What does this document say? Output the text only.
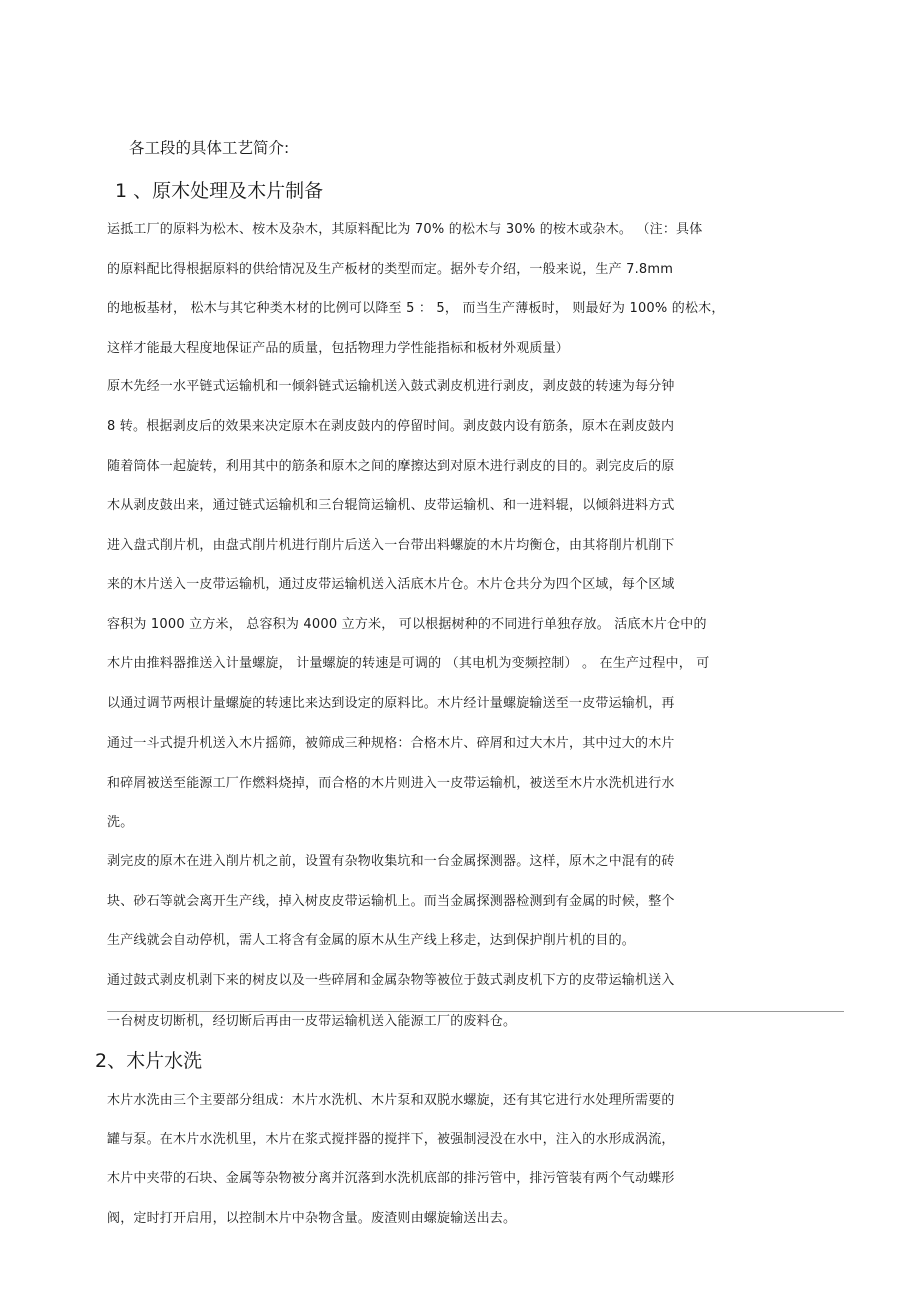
各工段的具体工艺简介:
1 、原木处理及木片制备
运抵工厂的原料为松木、桉木及杂木，其原料配比为 70% 的松木与 30% 的桉木或杂木。 （注：具体
的原料配比得根据原料的供给情况及生产板材的类型而定。据外专介绍，一般来说，生产 7.8mm
的地板基材， 松木与其它种类木材的比例可以降至 5 ： 5， 而当生产薄板时， 则最好为 100% 的松木，
这样才能最大程度地保证产品的质量，包括物理力学性能指标和板材外观质量）
原木先经一水平链式运输机和一倾斜链式运输机送入鼓式剥皮机进行剥皮，剥皮鼓的转速为每分钟
8 转。根据剥皮后的效果来决定原木在剥皮鼓内的停留时间。剥皮鼓内设有筋条，原木在剥皮鼓内
随着筒体一起旋转，利用其中的筋条和原木之间的摩擦达到对原木进行剥皮的目的。剥完皮后的原
木从剥皮鼓出来，通过链式运输机和三台辊筒运输机、皮带运输机、和一进料辊，以倾斜进料方式
进入盘式削片机，由盘式削片机进行削片后送入一台带出料螺旋的木片均衡仓，由其将削片机削下
来的木片送入一皮带运输机，通过皮带运输机送入活底木片仓。木片仓共分为四个区域，每个区域
容积为 1000 立方米， 总容积为 4000 立方米， 可以根据树种的不同进行单独存放。 活底木片仓中的
木片由推料器推送入计量螺旋， 计量螺旋的转速是可调的 （其电机为变频控制） 。 在生产过程中， 可
以通过调节两根计量螺旋的转速比来达到设定的原料比。木片经计量螺旋输送至一皮带运输机，再
通过一斗式提升机送入木片摇筛，被筛成三种规格：合格木片、碎屑和过大木片，其中过大的木片
和碎屑被送至能源工厂作燃料烧掉，而合格的木片则进入一皮带运输机，被送至木片水洗机进行水
洗。
剥完皮的原木在进入削片机之前，设置有杂物收集坑和一台金属探测器。这样，原木之中混有的砖
块、砂石等就会离开生产线，掉入树皮皮带运输机上。而当金属探测器检测到有金属的时候，整个
生产线就会自动停机，需人工将含有金属的原木从生产线上移走，达到保护削片机的目的。
通过鼓式剥皮机剥下来的树皮以及一些碎屑和金属杂物等被位于鼓式剥皮机下方的皮带运输机送入
一台树皮切断机，经切断后再由一皮带运输机送入能源工厂的废料仓。
2、木片水洗
木片水洗由三个主要部分组成：木片水洗机、木片泵和双脱水螺旋，还有其它进行水处理所需要的
罐与泵。在木片水洗机里，木片在浆式搅拌器的搅拌下，被强制浸没在水中，注入的水形成涡流，
木片中夹带的石块、金属等杂物被分离并沉落到水洗机底部的排污管中，排污管装有两个气动蝶形
阀，定时打开启用，以控制木片中杂物含量。废渣则由螺旋输送出去。
